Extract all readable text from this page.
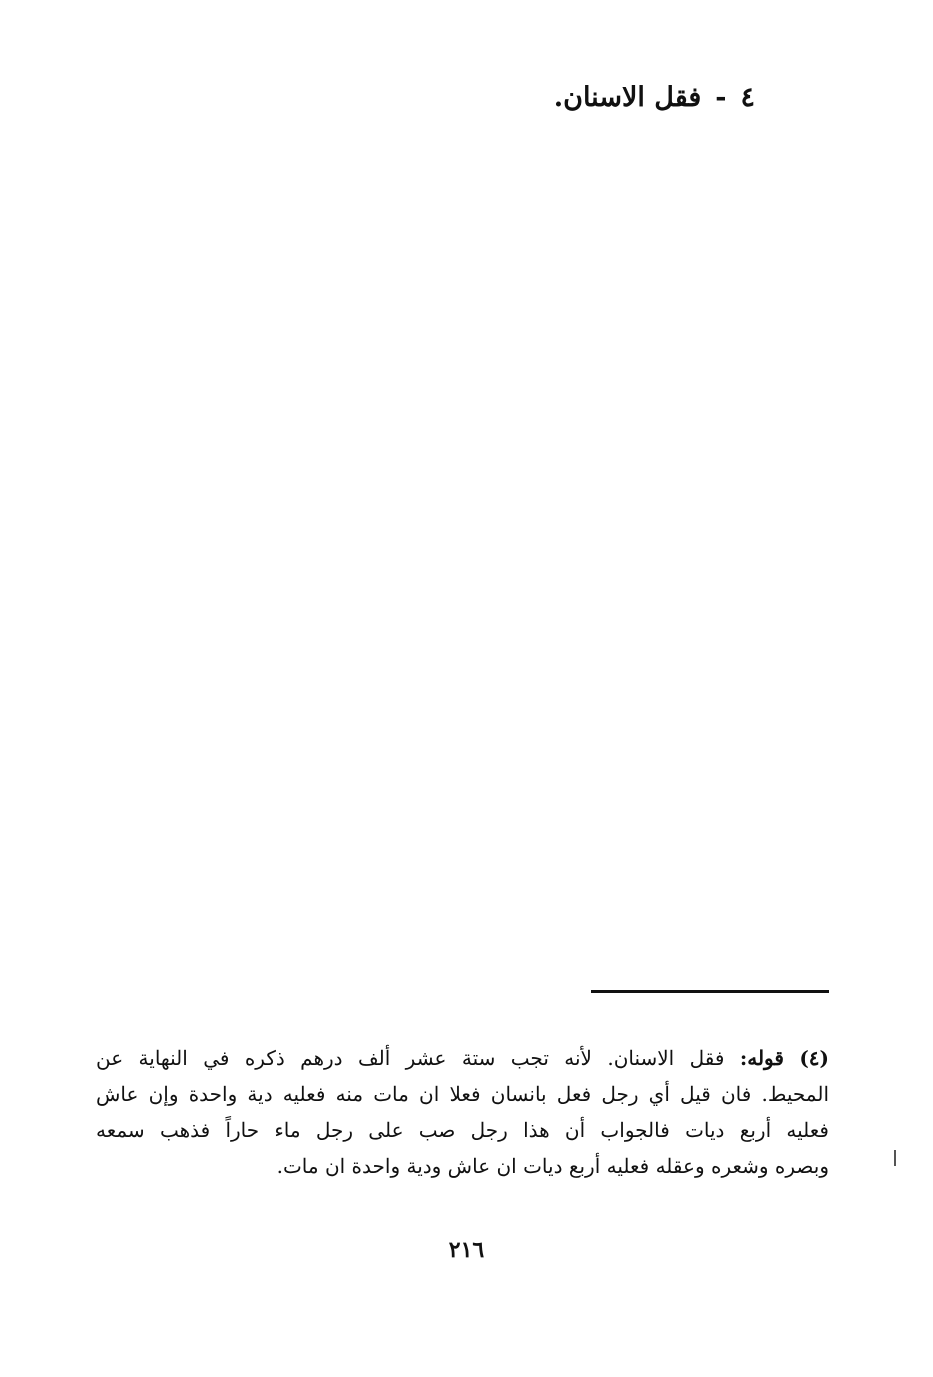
٤
-
فقل الاسنان.
(٤) قوله: فقل الاسنان. لأنه تجب ستة عشر ألف درهم ذكره في النهاية عن
المحيط. فان قيل أي رجل فعل بانسان فعلا ان مات منه فعليه دية واحدة وإن عاش
فعليه أربع ديات فالجواب أن هذا رجل صب على رجل ماء حاراً فذهب سمعه
وبصره وشعره وعقله فعليه أربع ديات ان عاش ودية واحدة ان مات.
٢١٦
